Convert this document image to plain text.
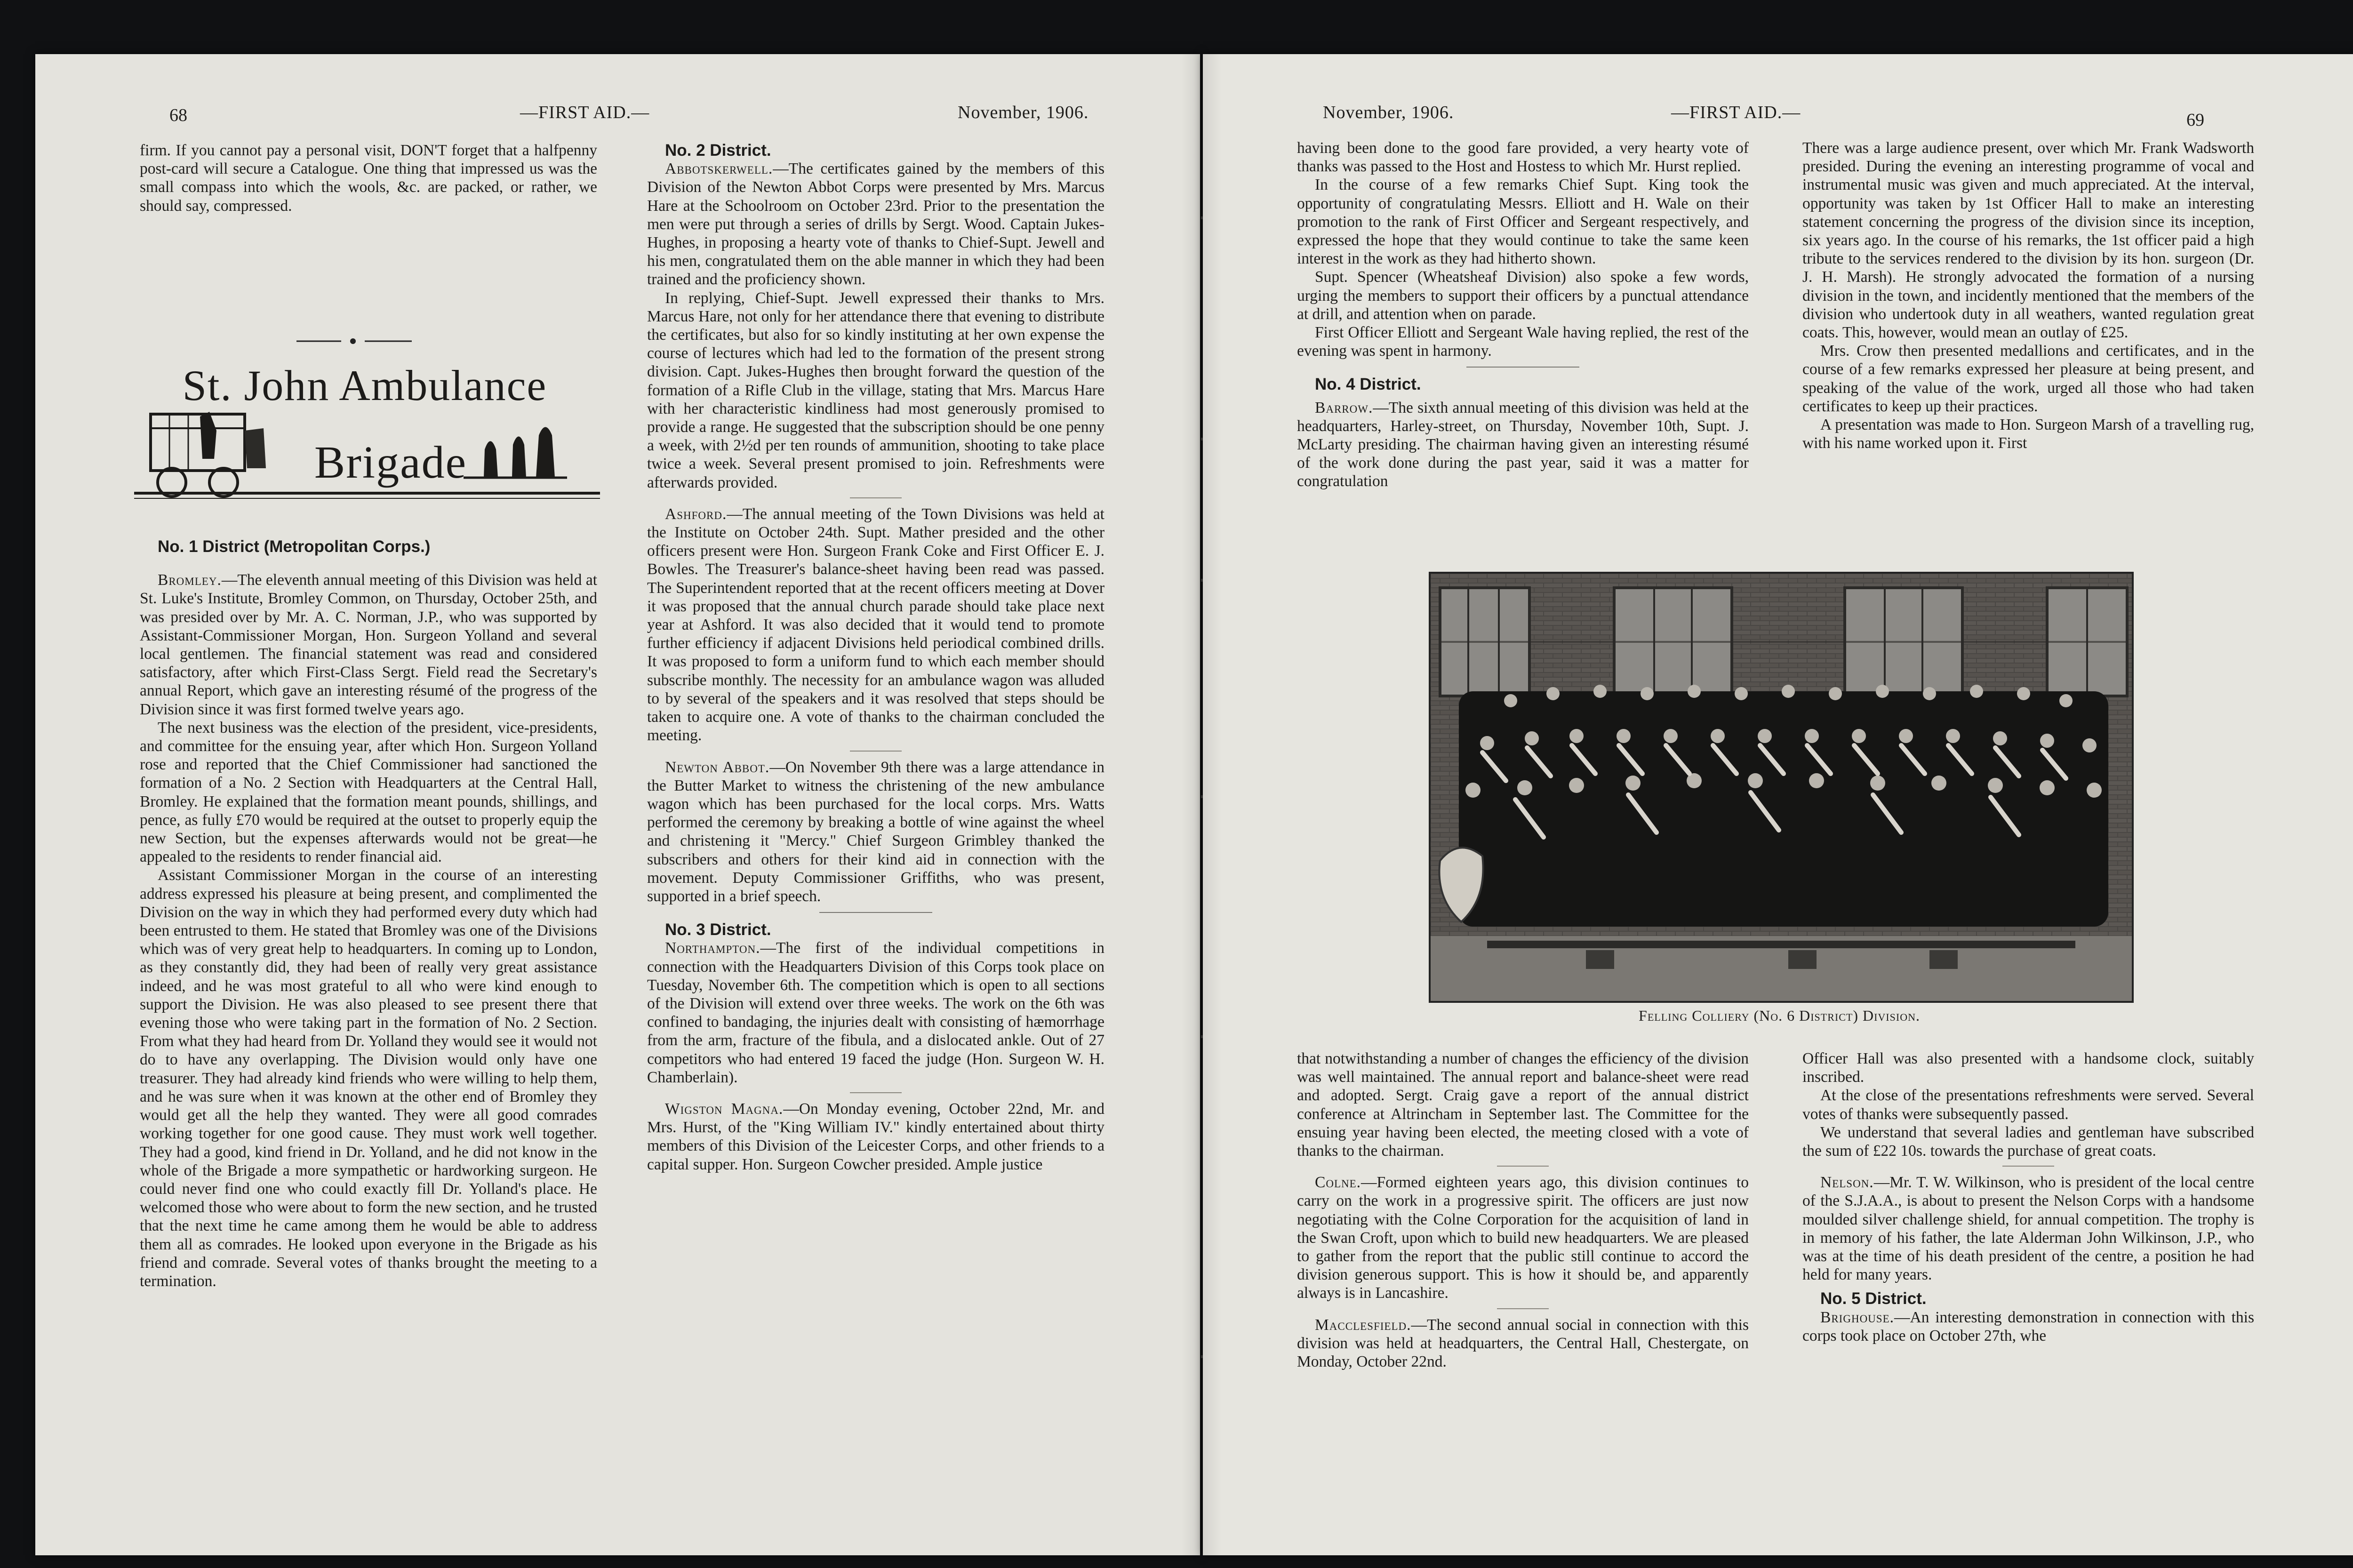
68	—FIRST AID.—	November, 1906.

firm. If you cannot pay a personal visit, DON'T forget that a halfpenny post-card will secure a Catalogue. One thing that impressed us was the small compass into which the wools, &c. are packed, or rather, we should say, compressed.

St. John Ambulance
Brigade

No. 1 District (Metropolitan Corps.)

Bromley.—The eleventh annual meeting of this Division was held at St. Luke's Institute, Bromley Common, on Thursday, October 25th, and was presided over by Mr. A. C. Norman, J.P., who was supported by Assistant-Commissioner Morgan, Hon. Surgeon Yolland and several local gentlemen. The financial statement was read and considered satisfactory, after which First-Class Sergt. Field read the Secretary's annual Report, which gave an interesting résumé of the progress of the Division since it was first formed twelve years ago.

The next business was the election of the president, vice-presidents, and committee for the ensuing year, after which Hon. Surgeon Yolland rose and reported that the Chief Commissioner had sanctioned the formation of a No. 2 Section with Headquarters at the Central Hall, Bromley. He explained that the formation meant pounds, shillings, and pence, as fully £70 would be required at the outset to properly equip the new Section, but the expenses afterwards would not be great—he appealed to the residents to render financial aid.

Assistant Commissioner Morgan in the course of an interesting address expressed his pleasure at being present, and complimented the Division on the way in which they had performed every duty which had been entrusted to them. He stated that Bromley was one of the Divisions which was of very great help to headquarters. In coming up to London, as they constantly did, they had been of really very great assistance indeed, and he was most grateful to all who were kind enough to support the Division. He was also pleased to see present there that evening those who were taking part in the formation of No. 2 Section. From what they had heard from Dr. Yolland they would see it would not do to have any overlapping. The Division would only have one treasurer. They had already kind friends who were willing to help them, and he was sure when it was known at the other end of Bromley they would get all the help they wanted. They were all good comrades working together for one good cause. They must work well together. They had a good, kind friend in Dr. Yolland, and he did not know in the whole of the Brigade a more sympathetic or hardworking surgeon. He could never find one who could exactly fill Dr. Yolland's place. He welcomed those who were about to form the new section, and he trusted that the next time he came among them he would be able to address them all as comrades. He looked upon everyone in the Brigade as his friend and comrade. Several votes of thanks brought the meeting to a termination.

No. 2 District.

Abbotskerwell.—The certificates gained by the members of this Division of the Newton Abbot Corps were presented by Mrs. Marcus Hare at the Schoolroom on October 23rd. Prior to the presentation the men were put through a series of drills by Sergt. Wood. Captain Jukes-Hughes, in proposing a hearty vote of thanks to Chief-Supt. Jewell and his men, congratulated them on the able manner in which they had been trained and the proficiency shown.

In replying, Chief-Supt. Jewell expressed their thanks to Mrs. Marcus Hare, not only for her attendance there that evening to distribute the certificates, but also for so kindly instituting at her own expense the course of lectures which had led to the formation of the present strong division. Capt. Jukes-Hughes then brought forward the question of the formation of a Rifle Club in the village, stating that Mrs. Marcus Hare with her characteristic kindliness had most generously promised to provide a range. He suggested that the subscription should be one penny a week, with 2½d per ten rounds of ammunition, shooting to take place twice a week. Several present promised to join. Refreshments were afterwards provided.

Ashford.—The annual meeting of the Town Divisions was held at the Institute on October 24th. Supt. Mather presided and the other officers present were Hon. Surgeon Frank Coke and First Officer E. J. Bowles. The Treasurer's balance-sheet having been read was passed. The Superintendent reported that at the recent officers meeting at Dover it was proposed that the annual church parade should take place next year at Ashford. It was also decided that it would tend to promote further efficiency if adjacent Divisions held periodical combined drills. It was proposed to form a uniform fund to which each member should subscribe monthly. The necessity for an ambulance wagon was alluded to by several of the speakers and it was resolved that steps should be taken to acquire one. A vote of thanks to the chairman concluded the meeting.

Newton Abbot.—On November 9th there was a large attendance in the Butter Market to witness the christening of the new ambulance wagon which has been purchased for the local corps. Mrs. Watts performed the ceremony by breaking a bottle of wine against the wheel and christening it "Mercy." Chief Surgeon Grimbley thanked the subscribers and others for their kind aid in connection with the movement. Deputy Commissioner Griffiths, who was present, supported in a brief speech.

No. 3 District.

Northampton.—The first of the individual competitions in connection with the Headquarters Division of this Corps took place on Tuesday, November 6th. The competition which is open to all sections of the Division will extend over three weeks. The work on the 6th was confined to bandaging, the injuries dealt with consisting of hæmorrhage from the arm, fracture of the fibula, and a dislocated ankle. Out of 27 competitors who had entered 19 faced the judge (Hon. Surgeon W. H. Chamberlain).

Wigston Magna.—On Monday evening, October 22nd, Mr. and Mrs. Hurst, of the "King William IV." kindly entertained about thirty members of this Division of the Leicester Corps, and other friends to a capital supper. Hon. Surgeon Cowcher presided. Ample justice

November, 1906.	—FIRST AID.—	69

having been done to the good fare provided, a very hearty vote of thanks was passed to the Host and Hostess to which Mr. Hurst replied.

In the course of a few remarks Chief Supt. King took the opportunity of congratulating Messrs. Elliott and H. Wale on their promotion to the rank of First Officer and Sergeant respectively, and expressed the hope that they would continue to take the same keen interest in the work as they had hitherto shown.

Supt. Spencer (Wheatsheaf Division) also spoke a few words, urging the members to support their officers by a punctual attendance at drill, and attention when on parade.

First Officer Elliott and Sergeant Wale having replied, the rest of the evening was spent in harmony.

No. 4 District.

Barrow.—The sixth annual meeting of this division was held at the headquarters, Harley-street, on Thursday, November 10th, Supt. J. McLarty presiding. The chairman having given an interesting résumé of the work done during the past year, said it was a matter for congratulation

There was a large audience present, over which Mr. Frank Wadsworth presided. During the evening an interesting programme of vocal and instrumental music was given and much appreciated. At the interval, opportunity was taken by 1st Officer Hall to make an interesting statement concerning the progress of the division since its inception, six years ago. In the course of his remarks, the 1st officer paid a high tribute to the services rendered to the division by its hon. surgeon (Dr. J. H. Marsh). He strongly advocated the formation of a nursing division in the town, and incidently mentioned that the members of the division who undertook duty in all weathers, wanted regulation great coats. This, however, would mean an outlay of £25.

Mrs. Crow then presented medallions and certificates, and in the course of a few remarks expressed her pleasure at being present, and speaking of the value of the work, urged all those who had taken certificates to keep up their practices.

A presentation was made to Hon. Surgeon Marsh of a travelling rug, with his name worked upon it. First

Felling Colliery (No. 6 District) Division.

that notwithstanding a number of changes the efficiency of the division was well maintained. The annual report and balance-sheet were read and adopted. Sergt. Craig gave a report of the annual district conference at Altrincham in September last. The Committee for the ensuing year having been elected, the meeting closed with a vote of thanks to the chairman.

Colne.—Formed eighteen years ago, this division continues to carry on the work in a progressive spirit. The officers are just now negotiating with the Colne Corporation for the acquisition of land in the Swan Croft, upon which to build new headquarters. We are pleased to gather from the report that the public still continue to accord the division generous support. This is how it should be, and apparently always is in Lancashire.

Macclesfield.—The second annual social in connection with this division was held at headquarters, the Central Hall, Chestergate, on Monday, October 22nd.

Officer Hall was also presented with a handsome clock, suitably inscribed.

At the close of the presentations refreshments were served. Several votes of thanks were subsequently passed.

We understand that several ladies and gentleman have subscribed the sum of £22 10s. towards the purchase of great coats.

Nelson.—Mr. T. W. Wilkinson, who is president of the local centre of the S.J.A.A., is about to present the Nelson Corps with a handsome moulded silver challenge shield, for annual competition. The trophy is in memory of his father, the late Alderman John Wilkinson, J.P., who was at the time of his death president of the centre, a position he had held for many years.

No. 5 District.

Brighouse.—An interesting demonstration in connection with this corps took place on October 27th, whe
